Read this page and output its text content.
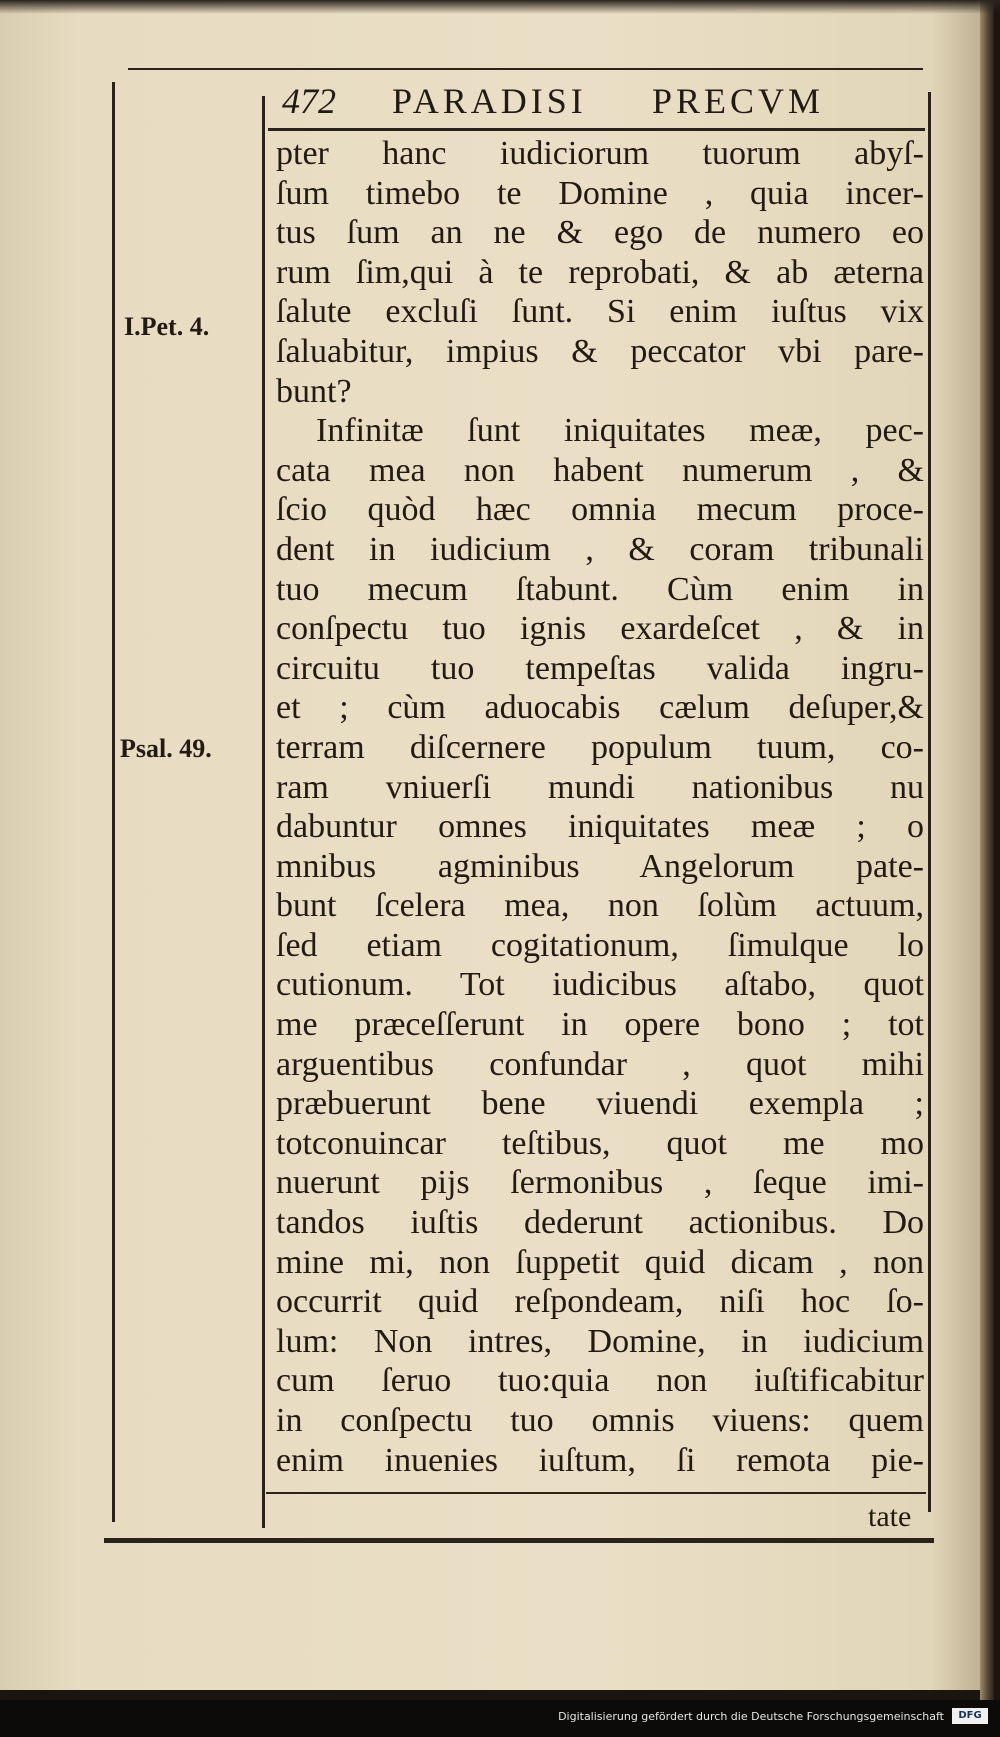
472 PARADISI PRECVM
I.Pet. 4.
Psal. 49.
pter hanc iudiciorum tuorum abyſ-
ſum timebo te Domine , quia incer-
tus ſum an ne & ego de numero eo
rum ſim,qui à te reprobati, & ab æterna
ſalute excluſi ſunt. Si enim iuſtus vix
ſaluabitur, impius & peccator vbi pare-
bunt?
Infinitæ ſunt iniquitates meæ, pec-
cata mea non habent numerum , &
ſcio quòd hæc omnia mecum proce-
dent in iudicium , & coram tribunali
tuo mecum ſtabunt. Cùm enim in
conſpectu tuo ignis exardeſcet , & in
circuitu tuo tempeſtas valida ingru-
et ; cùm aduocabis cælum deſuper,&
terram diſcernere populum tuum, co-
ram vniuerſi mundi nationibus nu
dabuntur omnes iniquitates meæ ; o
mnibus agminibus Angelorum pate-
bunt ſcelera mea, non ſolùm actuum,
ſed etiam cogitationum, ſimulque lo
cutionum. Tot iudicibus aſtabo, quot
me præceſſerunt in opere bono ; tot
arguentibus confundar , quot mihi
præbuerunt bene viuendi exempla ;
totconuincar teſtibus, quot me mo
nuerunt pijs ſermonibus , ſeque imi-
tandos iuſtis dederunt actionibus. Do
mine mi, non ſuppetit quid dicam , non
occurrit quid reſpondeam, niſi hoc ſo-
lum: Non intres, Domine, in iudicium
cum ſeruo tuo:quia non iuſtificabitur
in conſpectu tuo omnis viuens: quem
enim inuenies iuſtum, ſi remota pie-
tate
Digitalisierung gefördert durch die Deutsche Forschungsgemeinschaft	DFG
